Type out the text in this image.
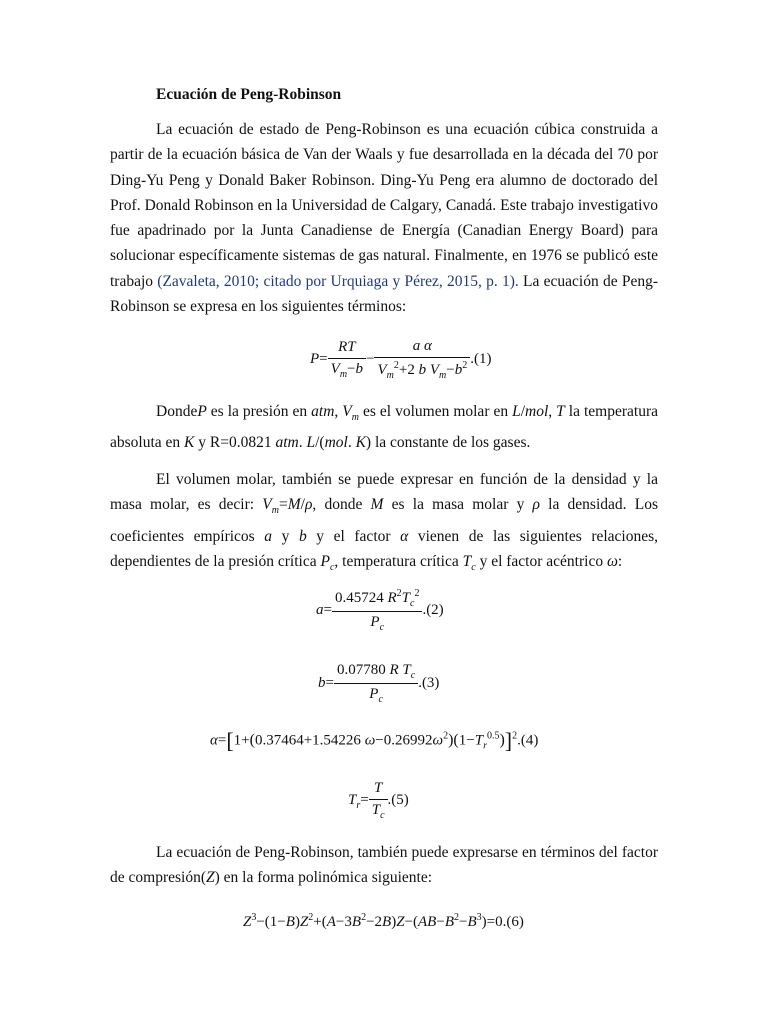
Ecuación de Peng-Robinson

La ecuación de estado de Peng-Robinson es una ecuación cúbica construida a partir de la ecuación básica de Van der Waals y fue desarrollada en la década del 70 por Ding-Yu Peng y Donald Baker Robinson. Ding-Yu Peng era alumno de doctorado del Prof. Donald Robinson en la Universidad de Calgary, Canadá. Este trabajo investigativo fue apadrinado por la Junta Canadiense de Energía (Canadian Energy Board) para solucionar específicamente sistemas de gas natural. Finalmente, en 1976 se publicó este trabajo (Zavaleta, 2010; citado por Urquiaga y Pérez, 2015, p. 1). La ecuación de Peng-Robinson se expresa en los siguientes términos:

$P= \frac{RT}{V_m-b} - \frac{\text{a α}}{V_m^2+2 b V_m-b^2} .(1)$

DondeP es la presión en atm, $V_m$ es el volumen molar en L/mol, T la temperatura absoluta en K y R=0.0821 atm. L/(mol. K) la constante de los gases.

El volumen molar, también se puede expresar en función de la densidad y la masa molar, es decir: $V_m=M/\rho$, donde M es la masa molar y ρ la densidad. Los coeficientes empíricos a y b y el factor α vienen de las siguientes relaciones, dependientes de la presión crítica $P_c$, temperatura crítica $T_c$ y el factor acéntrico ω:

$a= \frac{0.45724 R^2T_c^2}{P_c} .(2)$
$b= \frac{0.07780 R T_c}{P_c} .(3)$
α=[1+(0.37464+1.54226 $\omega-0.26992\omega^2)(1-T_r^{0.5})]^2.(4)$
$T_r= \frac{T}{T_c} .(5)$

La ecuación de Peng-Robinson, también puede expresarse en términos del factor de compresión(Z) en la forma polinómica siguiente:

$Z^3-(1-B)Z^2+(A-3B^2-2B)Z-(AB-B^2-B^3)=0.(6)$
